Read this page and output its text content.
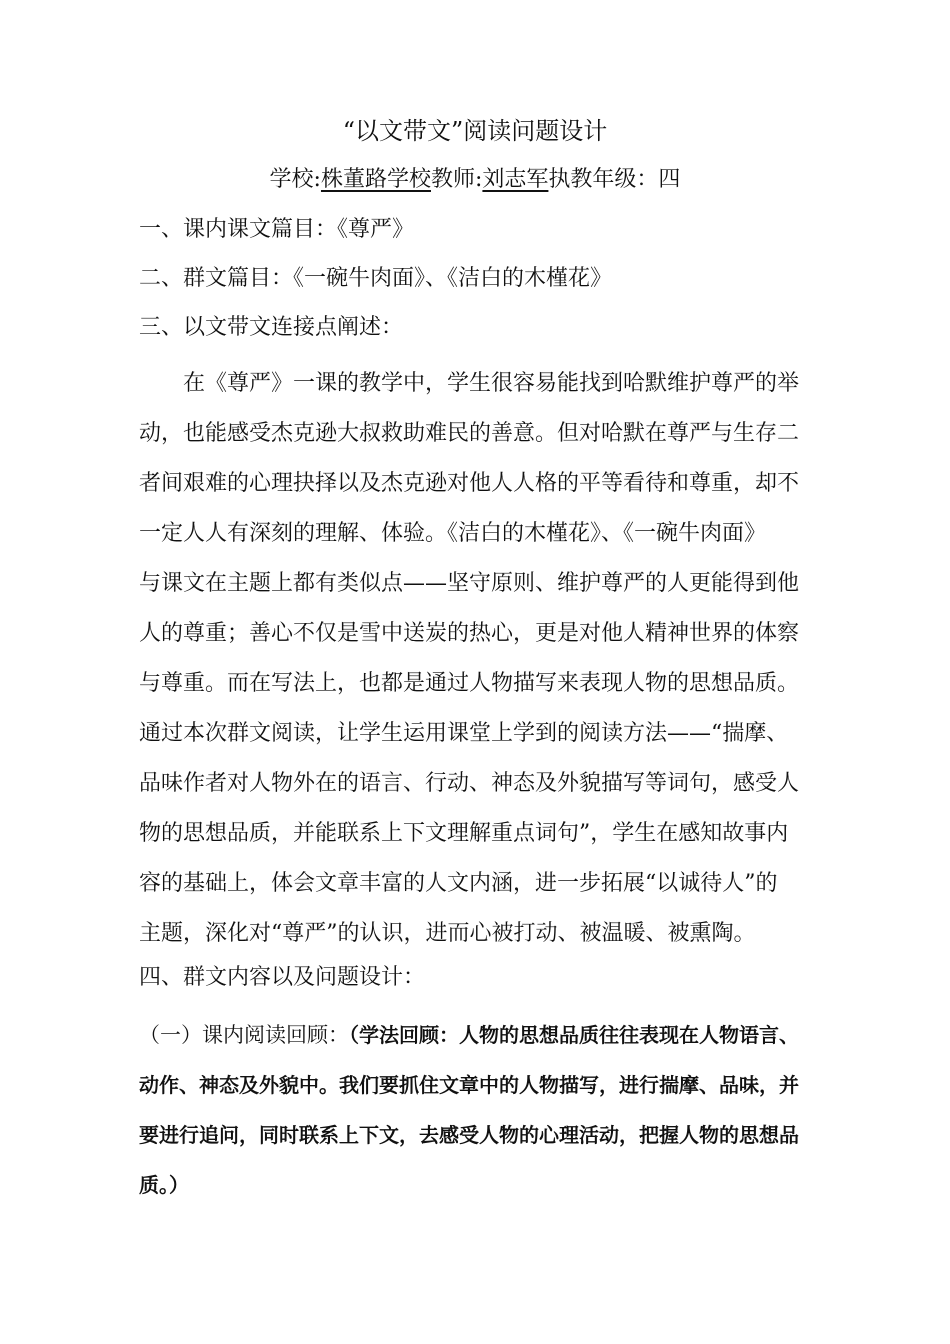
“以文带文”阅读问题设计
学校:株董路学校教师:刘志军执教年级：四
一、课内课文篇目：《尊严》
二、群文篇目：《一碗牛肉面》、《洁白的木槿花》
三、以文带文连接点阐述：

在《尊严》一课的教学中，学生很容易能找到哈默维护尊严的举

动，也能感受杰克逊大叔救助难民的善意。但对哈默在尊严与生存二

者间艰难的心理抉择以及杰克逊对他人人格的平等看待和尊重，却不

一定人人有深刻的理解、体验。《洁白的木槿花》、《一碗牛肉面》

与课文在主题上都有类似点——坚守原则、维护尊严的人更能得到他

人的尊重；善心不仅是雪中送炭的热心，更是对他人精神世界的体察

与尊重。而在写法上，也都是通过人物描写来表现人物的思想品质。

通过本次群文阅读，让学生运用课堂上学到的阅读方法——“揣摩、

品味作者对人物外在的语言、行动、神态及外貌描写等词句，感受人

物的思想品质，并能联系上下文理解重点词句”，学生在感知故事内

容的基础上，体会文章丰富的人文内涵，进一步拓展“以诚待人”的

主题，深化对“尊严”的认识，进而心被打动、被温暖、被熏陶。

四、群文内容以及问题设计：

（一）课内阅读回顾：（学法回顾：人物的思想品质往往表现在人物语言、

动作、神态及外貌中。我们要抓住文章中的人物描写，进行揣摩、品味，并

要进行追问，同时联系上下文，去感受人物的心理活动，把握人物的思想品

质。）
